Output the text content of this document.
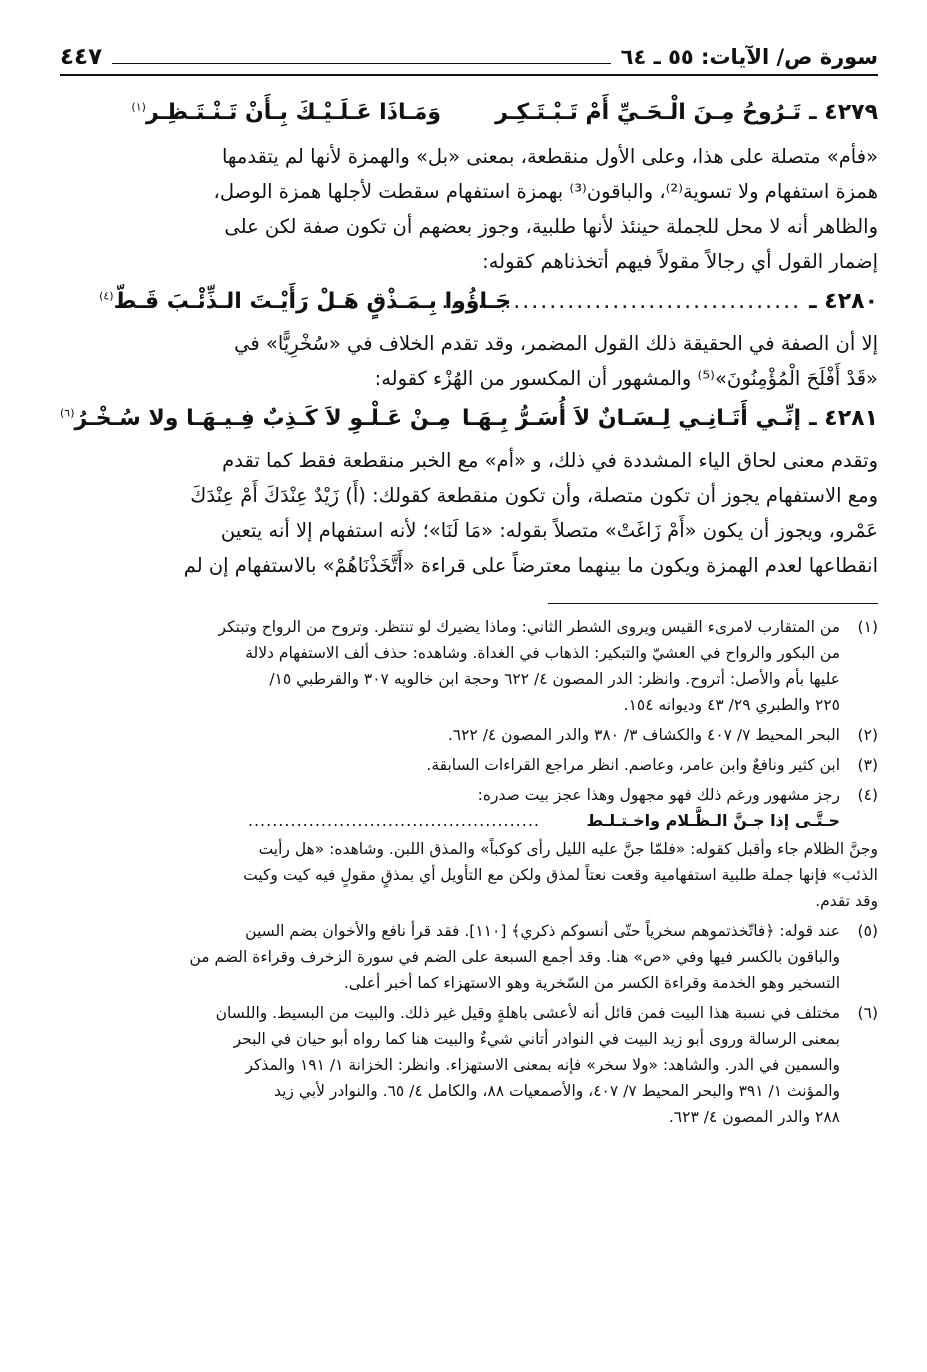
سورة ص/ الآيات: ٥٥ ـ ٦٤
٤٤٧
٤٢٧٩ ـ
تَـرُوحُ مِـنَ الْـحَـيِّ أَمْ تَـبْـتَـكِـر
وَمَـاذَا عَـلَـيْـكَ بِـأَنْ تَـنْـتَـظِـر$^{(١)}$
«فأم» متصلة على هذا، وعلى الأول منقطعة، بمعنى «بل» والهمزة لأنها لم يتقدمها
همزة استفهام ولا تسوية⁽²⁾، والباقون⁽³⁾ بهمزة استفهام سقطت لأجلها همزة الوصل،
والظاهر أنه لا محل للجملة حينئذ لأنها طلبية، وجوز بعضهم أن تكون صفة لكن على
إضمار القول أي رجالاً مقولاً فيهم أتخذناهم كقوله:
٤٢٨٠ ـ
........................................
جَـاؤُوا بِـمَـذْقٍ هَـلْ رَأَيْـتَ الـذِّئْـبَ قَـطّ$^{(٤)}$
إلا أن الصفة في الحقيقة ذلك القول المضمر، وقد تقدم الخلاف في «سُخْرِيًّا» في
«قَدْ أَفْلَحَ الْمُؤْمِنُونَ»⁽⁵⁾ والمشهور أن المكسور من الهُزْء كقوله:
٤٢٨١ ـ
إنِّـي أَتَـانِـي لِـسَـانٌ لاَ أُسَـرُّ بِـهَـا
مِـنْ عَـلْـوِ لاَ كَـذِبٌ فِـيـهَـا ولا سُـخْـرُ$^{(٦)}$
وتقدم معنى لحاق الياء المشددة في ذلك، و «أم» مع الخبر منقطعة فقط كما تقدم
ومع الاستفهام يجوز أن تكون متصلة، وأن تكون منقطعة كقولك: (أَ) زَيْدٌ عِنْدَكَ أَمْ عِنْدَكَ
عَمْرو، ويجوز أن يكون «أَمْ زَاغَتْ» متصلاً بقوله: «مَا لَنَا»؛ لأنه استفهام إلا أنه يتعين
انقطاعها لعدم الهمزة ويكون ما بينهما معترضاً على قراءة «أَتَّخَذْنَاهُمْ» بالاستفهام إن لم
(١)
من المتقارب لامرىء القيس ويروى الشطر الثاني: وماذا يضيرك لو تنتظر. وتروح من الرواح وتبتكر
من البكور والرواح في العشيّ والتبكير: الذهاب في الغداة. وشاهده: حذف ألف الاستفهام دلالة
عليها بأم والأصل: أتروح. وانظر: الدر المصون ٤/ ٦٢٢ وحجة ابن خالويه ٣٠٧ والقرطبي ١٥/
٢٢٥ والطبري ٢٩/ ٤٣ وديوانه ١٥٤.
(٢)
البحر المحيط ٧/ ٤٠٧ والكشاف ٣/ ٣٨٠ والدر المصون ٤/ ٦٢٢.
(٣)
ابن كثير ونافعٌ وابن عامر، وعاصم. انظر مراجع القراءات السابقة.
(٤)
رجز مشهور ورغم ذلك فهو مجهول وهذا عجز بيت صدره:
حـتَّـى إذا جـنَّ الـظَّـلام واخـتـلـط
................................................
وجنَّ الظلام جاء وأقبل كقوله: «فلمّا جنَّ عليه الليل رأى كوكباً» والمذق اللبن. وشاهده: «هل رأيت
الذئب» فإنها جملة طلبية استفهامية وقعت نعتاً لمذق ولكن مع التأويل أي بمذقٍ مقولٍ فيه كيت وكيت
وقد تقدم.
(٥)
عند قوله: ﴿فاتّخذتموهم سخرياً حتّى أنسوكم ذكري﴾ [١١٠]. فقد قرأ نافع والأخوان بضم السين
والباقون بالكسر فيها وفي «ص» هنا. وقد أجمع السبعة على الضم في سورة الزخرف وقراءة الضم من
التسخير وهو الخدمة وقراءة الكسر من السّخرية وهو الاستهزاء كما أخبر أعلى.
(٦)
مختلف في نسبة هذا البيت فمن قائل أنه لأعشى باهلةٍ وقيل غير ذلك. والبيت من البسيط. واللسان
بمعنى الرسالة وروى أبو زيد البيت في النوادر أتاني شيءٌ والبيت هنا كما رواه أبو حيان في البحر
والسمين في الدر. والشاهد: «ولا سخر» فإنه بمعنى الاستهزاء. وانظر: الخزانة ١/ ١٩١ والمذكر
والمؤنث ١/ ٣٩١ والبحر المحيط ٧/ ٤٠٧، والأصمعيات ٨٨، والكامل ٤/ ٦٥. والنوادر لأبي زيد
٢٨٨ والدر المصون ٤/ ٦٢٣.
